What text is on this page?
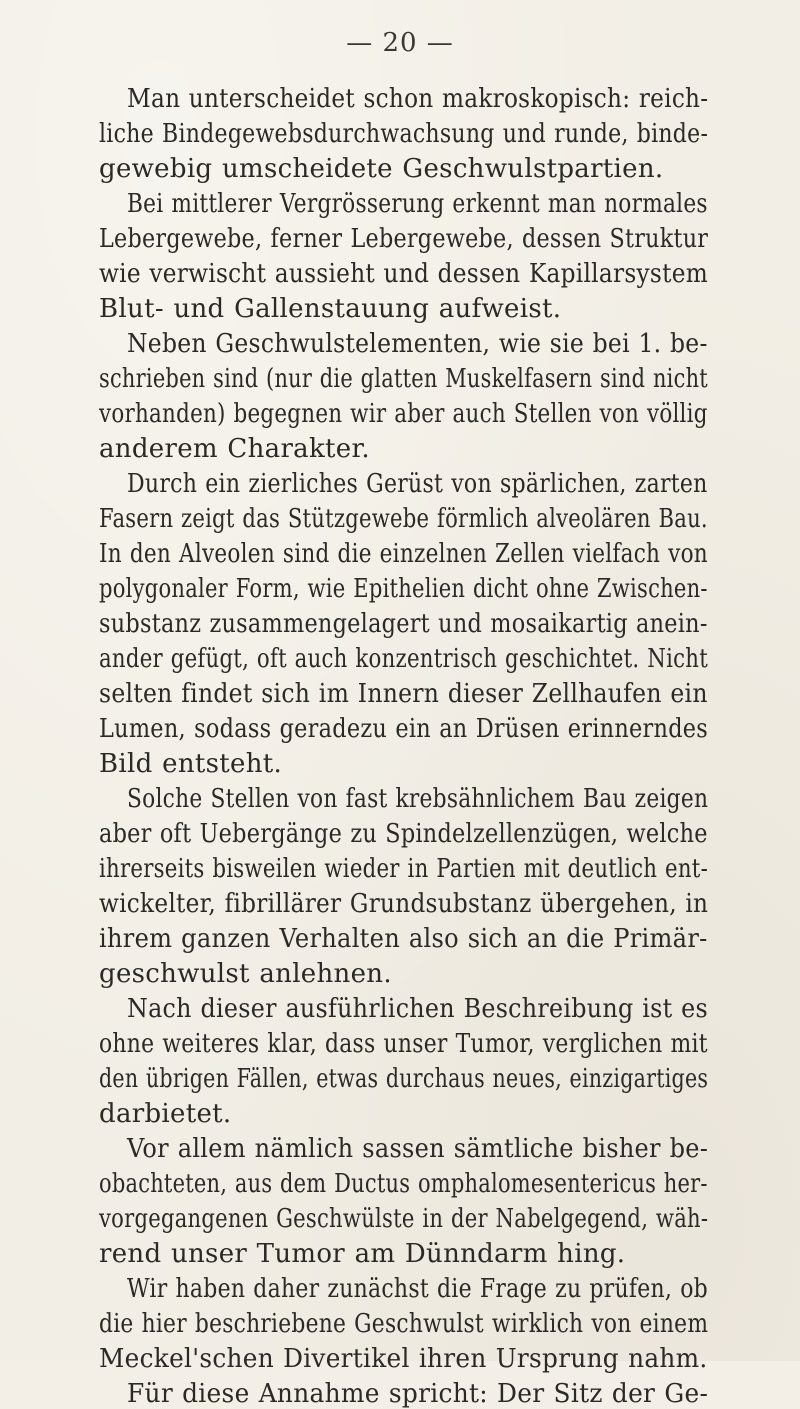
— 20 —
Man unterscheidet schon makroskopisch: reich-
liche Bindegewebsdurchwachsung und runde, binde-
gewebig umscheidete Geschwulstpartien.
Bei mittlerer Vergrösserung erkennt man normales
Lebergewebe, ferner Lebergewebe, dessen Struktur
wie verwischt aussieht und dessen Kapillarsystem
Blut- und Gallenstauung aufweist.
Neben Geschwulstelementen, wie sie bei 1. be-
schrieben sind (nur die glatten Muskelfasern sind nicht
vorhanden) begegnen wir aber auch Stellen von völlig
anderem Charakter.
Durch ein zierliches Gerüst von spärlichen, zarten
Fasern zeigt das Stützgewebe förmlich alveolären Bau.
In den Alveolen sind die einzelnen Zellen vielfach von
polygonaler Form, wie Epithelien dicht ohne Zwischen-
substanz zusammengelagert und mosaikartig anein-
ander gefügt, oft auch konzentrisch geschichtet. Nicht
selten findet sich im Innern dieser Zellhaufen ein
Lumen, sodass geradezu ein an Drüsen erinnerndes
Bild entsteht.
Solche Stellen von fast krebsähnlichem Bau zeigen
aber oft Uebergänge zu Spindelzellenzügen, welche
ihrerseits bisweilen wieder in Partien mit deutlich ent-
wickelter, fibrillärer Grundsubstanz übergehen, in
ihrem ganzen Verhalten also sich an die Primär-
geschwulst anlehnen.
Nach dieser ausführlichen Beschreibung ist es
ohne weiteres klar, dass unser Tumor, verglichen mit
den übrigen Fällen, etwas durchaus neues, einzigartiges
darbietet.
Vor allem nämlich sassen sämtliche bisher be-
obachteten, aus dem Ductus omphalomesentericus her-
vorgegangenen Geschwülste in der Nabelgegend, wäh-
rend unser Tumor am Dünndarm hing.
Wir haben daher zunächst die Frage zu prüfen, ob
die hier beschriebene Geschwulst wirklich von einem
Meckel'schen Divertikel ihren Ursprung nahm.
Für diese Annahme spricht: Der Sitz der Ge-
